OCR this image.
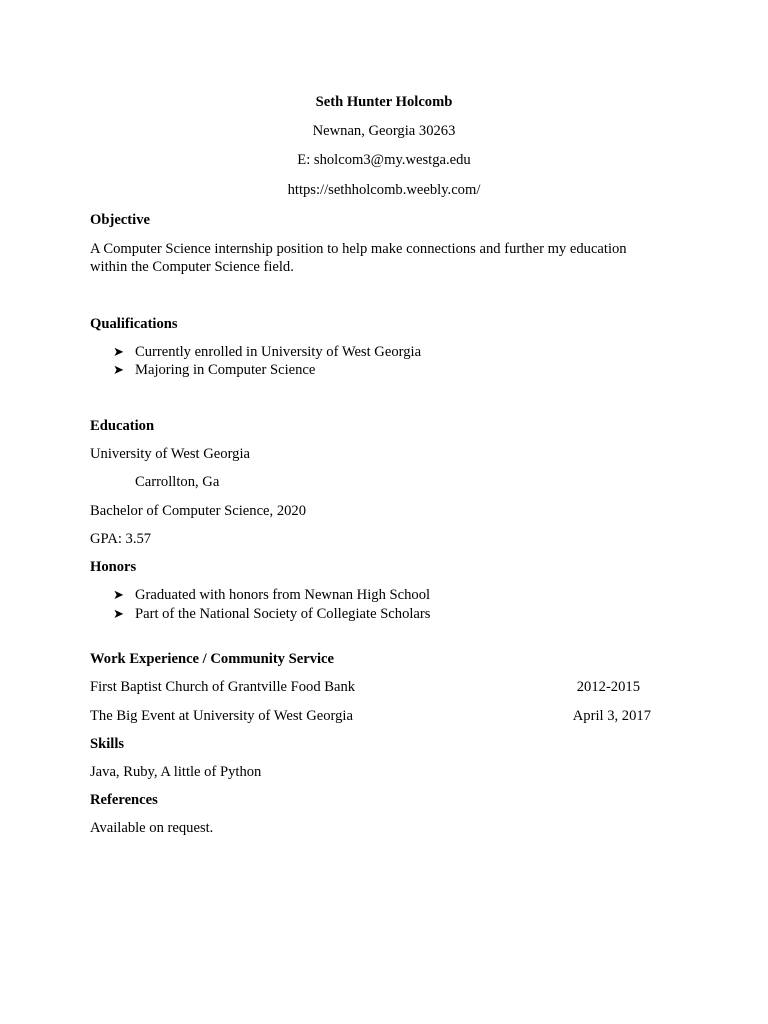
Seth Hunter Holcomb
Newnan, Georgia 30263
E: sholcom3@my.westga.edu
https://sethholcomb.weebly.com/
Objective
A Computer Science internship position to help make connections and further my education
within the Computer Science field.
Qualifications
➤ Currently enrolled in University of West Georgia
➤ Majoring in Computer Science
Education
University of West Georgia
Carrollton, Ga
Bachelor of Computer Science, 2020
GPA: 3.57
Honors
➤ Graduated with honors from Newnan High School
➤ Part of the National Society of Collegiate Scholars
Work Experience / Community Service
First Baptist Church of Grantville Food Bank	2012-2015
The Big Event at University of West Georgia	April 3, 2017
Skills
Java, Ruby, A little of Python
References
Available on request.
